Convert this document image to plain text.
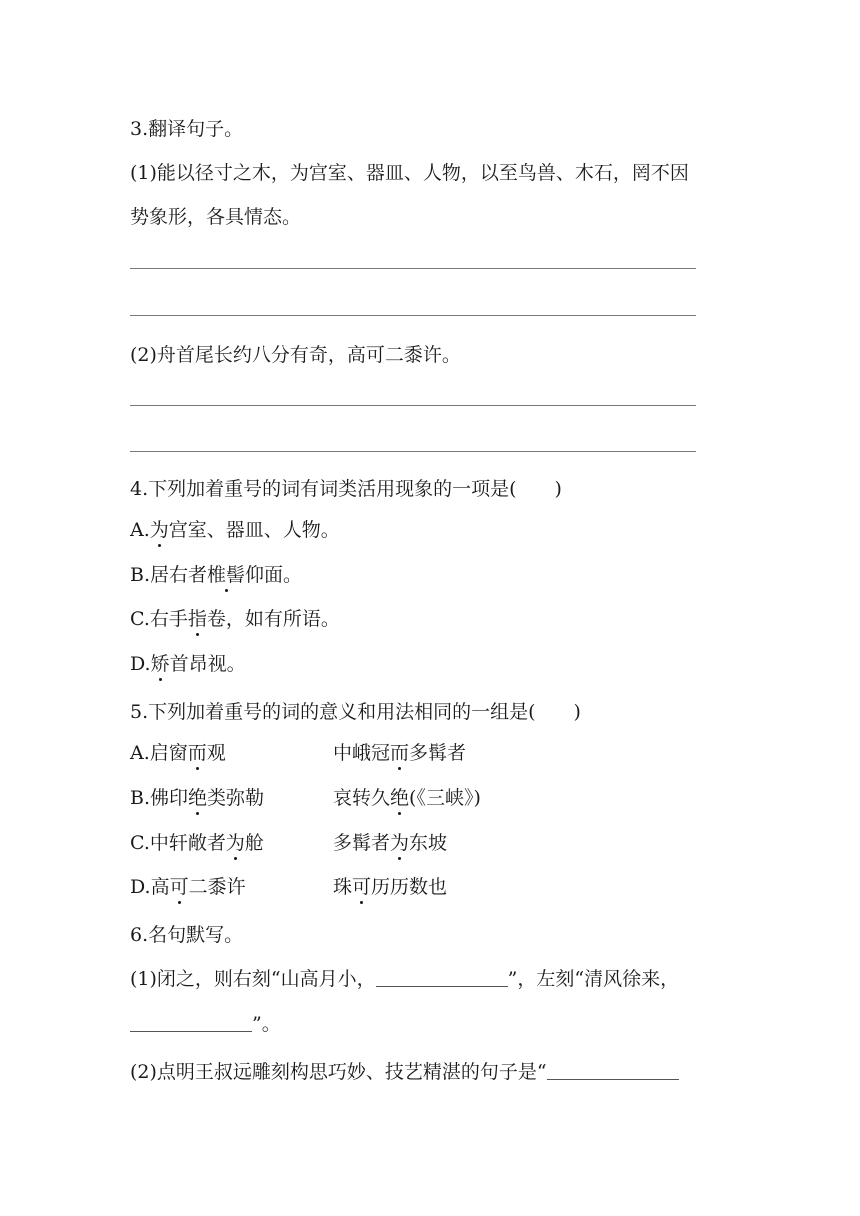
3.翻译句子。
(1)能以径寸之木，为宫室、器皿、人物，以至鸟兽、木石，罔不因
势象形，各具情态。
(2)舟首尾长约八分有奇，高可二黍许。
4.下列加着重号的词有词类活用现象的一项是(　　)
A.为宫室、器皿、人物。
B.居右者椎髻仰面。
C.右手指卷，如有所语。
D.矫首昂视。
5.下列加着重号的词的意义和用法相同的一组是(　　)
A.启窗而观	中峨冠而多髯者
B.佛印绝类弥勒	哀转久绝(《三峡》)
C.中轩敞者为舱	多髯者为东坡
D.高可二黍许	珠可历历数也
6.名句默写。
(1)闭之，则右刻“山高月小，	”，左刻“清风徐来，
”。
(2)点明王叔远雕刻构思巧妙、技艺精湛的句子是“
